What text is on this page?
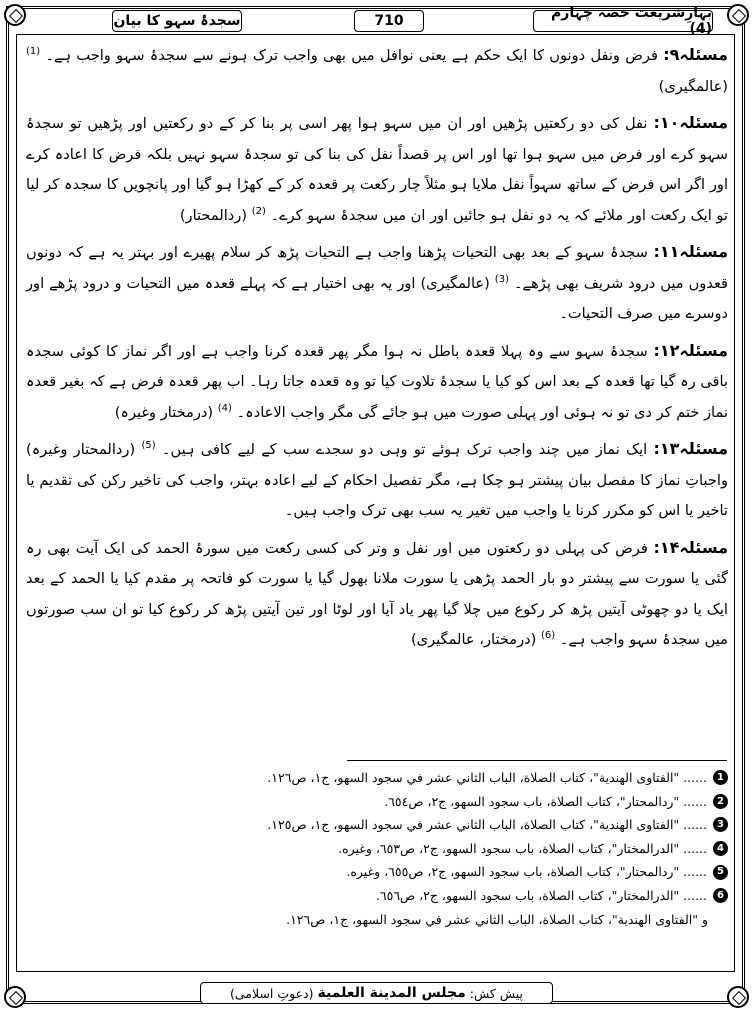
بہارِشریعت حصہ چہارم (4)
710
سجدۂ سہو کا بیان

مسئلہ۹: فرض ونفل دونوں کا ایک حکم ہے یعنی نوافل میں بھی واجب ترک ہونے سے سجدۂ سہو واجب ہے۔ $^{(1)}$ (عالمگیری)

مسئلہ۱۰: نفل کی دو رکعتیں پڑھیں اور ان میں سہو ہوا پھر اسی پر بنا کر کے دو رکعتیں اور پڑھیں تو سجدۂ سہو کرے اور فرض میں سہو ہوا تھا اور اس پر قصداً نفل کی بنا کی تو سجدۂ سہو نہیں بلکہ فرض کا اعادہ کرے اور اگر اس فرض کے ساتھ سہواً نفل ملایا ہو مثلاً چار رکعت پر قعدہ کر کے کھڑا ہو گیا اور پانچویں کا سجدہ کر لیا تو ایک رکعت اور ملائے کہ یہ دو نفل ہو جائیں اور ان میں سجدۂ سہو کرے۔ $^{(2)}$ (ردالمحتار)

مسئلہ۱۱: سجدۂ سہو کے بعد بھی التحیات پڑھنا واجب ہے التحیات پڑھ کر سلام پھیرے اور بہتر یہ ہے کہ دونوں قعدوں میں درود شریف بھی پڑھے۔ $^{(3)}$ (عالمگیری) اور یہ بھی اختیار ہے کہ پہلے قعدہ میں التحیات و درود پڑھے اور دوسرے میں صرف التحیات۔

مسئلہ۱۲: سجدۂ سہو سے وہ پہلا قعدہ باطل نہ ہوا مگر پھر قعدہ کرنا واجب ہے اور اگر نماز کا کوئی سجدہ باقی رہ گیا تھا قعدہ کے بعد اس کو کیا یا سجدۂ تلاوت کیا تو وہ قعدہ جاتا رہا۔ اب پھر قعدہ فرض ہے کہ بغیر قعدہ نماز ختم کر دی تو نہ ہوئی اور پہلی صورت میں ہو جائے گی مگر واجب الاعادہ۔ $^{(4)}$ (درمختار وغیرہ)

مسئلہ۱۳: ایک نماز میں چند واجب ترک ہوئے تو وہی دو سجدے سب کے لیے کافی ہیں۔ $^{(5)}$ (ردالمحتار وغیرہ) واجباتِ نماز کا مفصل بیان پیشتر ہو چکا ہے، مگر تفصیل احکام کے لیے اعادہ بہتر، واجب کی تاخیر رکن کی تقدیم یا تاخیر یا اس کو مکرر کرنا یا واجب میں تغیر یہ سب بھی ترک واجب ہیں۔

مسئلہ۱۴: فرض کی پہلی دو رکعتوں میں اور نفل و وتر کی کسی رکعت میں سورۂ الحمد کی ایک آیت بھی رہ گئی یا سورت سے پیشتر دو بار الحمد پڑھی یا سورت ملانا بھول گیا یا سورت کو فاتحہ پر مقدم کیا یا الحمد کے بعد ایک یا دو چھوٹی آیتیں پڑھ کر رکوع میں چلا گیا پھر یاد آیا اور لوٹا اور تین آیتیں پڑھ کر رکوع کیا تو ان سب صورتوں میں سجدۂ سہو واجب ہے۔ $^{(6)}$ (درمختار، عالمگیری)

1
...... "الفتاوى الهندية"، كتاب الصلاة، الباب الثاني عشر في سجود السهو، ج١، ص١٢٦.
2
...... "ردالمحتار"، كتاب الصلاة، باب سجود السهو، ج٢، ص٦٥٤.
3
...... "الفتاوى الهندية"، كتاب الصلاة، الباب الثاني عشر في سجود السهو، ج١، ص١٢٥.
4
...... "الدرالمختار"، كتاب الصلاة، باب سجود السهو، ج٢، ص٦٥٣، وغيره.
5
...... "ردالمحتار"، كتاب الصلاة، باب سجود السهو، ج٢، ص٦٥٥، وغيره.
6
...... "الدرالمختار"، كتاب الصلاة، باب سجود السهو، ج٢، ص٦٥٦.
و "الفتاوى الهندية"، كتاب الصلاة، الباب الثاني عشر في سجود السهو، ج١، ص١٢٦.
پیش کش:
مجلس المدينة العلمية
(دعوتِ اسلامی)
